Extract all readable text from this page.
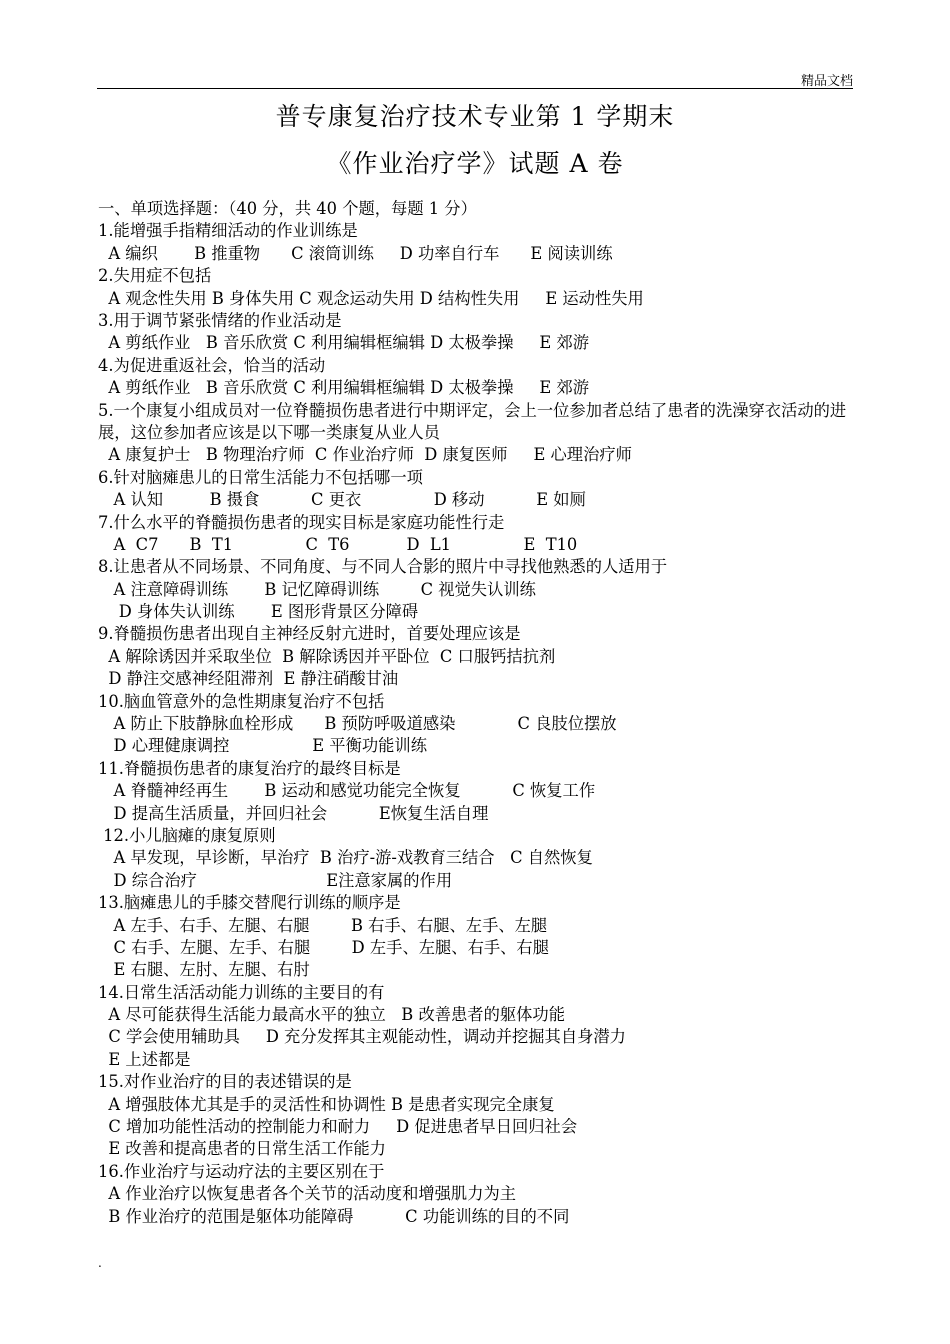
精品文档
普专康复治疗技术专业第 1 学期末
《作业治疗学》试题 A 卷
一、单项选择题：（40 分，共 40 个题，每题 1 分）
1.能增强手指精细活动的作业训练是
A 编织       B 推重物      C 滚筒训练     D 功率自行车      E 阅读训练
2.失用症不包括
A 观念性失用 B 身体失用 C 观念运动失用 D 结构性失用     E 运动性失用
3.用于调节紧张情绪的作业活动是
A 剪纸作业   B 音乐欣赏 C 利用编辑框编辑 D 太极拳操     E 郊游
4.为促进重返社会，恰当的活动
A 剪纸作业   B 音乐欣赏 C 利用编辑框编辑 D 太极拳操     E 郊游
5.一个康复小组成员对一位脊髓损伤患者进行中期评定，会上一位参加者总结了患者的洗澡穿衣活动的进展，这位参加者应该是以下哪一类康复从业人员
A 康复护士   B 物理治疗师  C 作业治疗师  D 康复医师     E 心理治疗师
6.针对脑瘫患儿的日常生活能力不包括哪一项
A 认知         B 摄食          C 更衣              D 移动          E 如厕
7.什么水平的脊髓损伤患者的现实目标是家庭功能性行走
A  C7      B  T1              C  T6           D  L1              E  T10
8.让患者从不同场景、不同角度、与不同人合影的照片中寻找他熟悉的人适用于
A 注意障碍训练       B 记忆障碍训练        C 视觉失认训练
D 身体失认训练       E 图形背景区分障碍
9.脊髓损伤患者出现自主神经反射亢进时，首要处理应该是
A 解除诱因并采取坐位  B 解除诱因并平卧位  C 口服钙拮抗剂
D 静注交感神经阻滞剂  E 静注硝酸甘油
10.脑血管意外的急性期康复治疗不包括
A 防止下肢静脉血栓形成      B 预防呼吸道感染            C 良肢位摆放
D 心理健康调控                E 平衡功能训练
11.脊髓损伤患者的康复治疗的最终目标是
A 脊髓神经再生       B 运动和感觉功能完全恢复          C 恢复工作
D 提高生活质量，并回归社会          E恢复生活自理
12.小儿脑瘫的康复原则
A 早发现，早诊断，早治疗  B 治疗-游-戏教育三结合   C 自然恢复
D 综合治疗                         E注意家属的作用
13.脑瘫患儿的手膝交替爬行训练的顺序是
A 左手、右手、左腿、右腿        B 右手、右腿、左手、左腿
C 右手、左腿、左手、右腿        D 左手、左腿、右手、右腿
E 右腿、左肘、左腿、右肘
14.日常生活活动能力训练的主要目的有
A 尽可能获得生活能力最高水平的独立   B 改善患者的躯体功能
C 学会使用辅助具     D 充分发挥其主观能动性，调动并挖掘其自身潜力
E 上述都是
15.对作业治疗的目的表述错误的是
A 增强肢体尤其是手的灵活性和协调性 B 是患者实现完全康复
C 增加功能性活动的控制能力和耐力     D 促进患者早日回归社会
E 改善和提高患者的日常生活工作能力
16.作业治疗与运动疗法的主要区别在于
A 作业治疗以恢复患者各个关节的活动度和增强肌力为主
B 作业治疗的范围是躯体功能障碍          C 功能训练的目的不同
.
